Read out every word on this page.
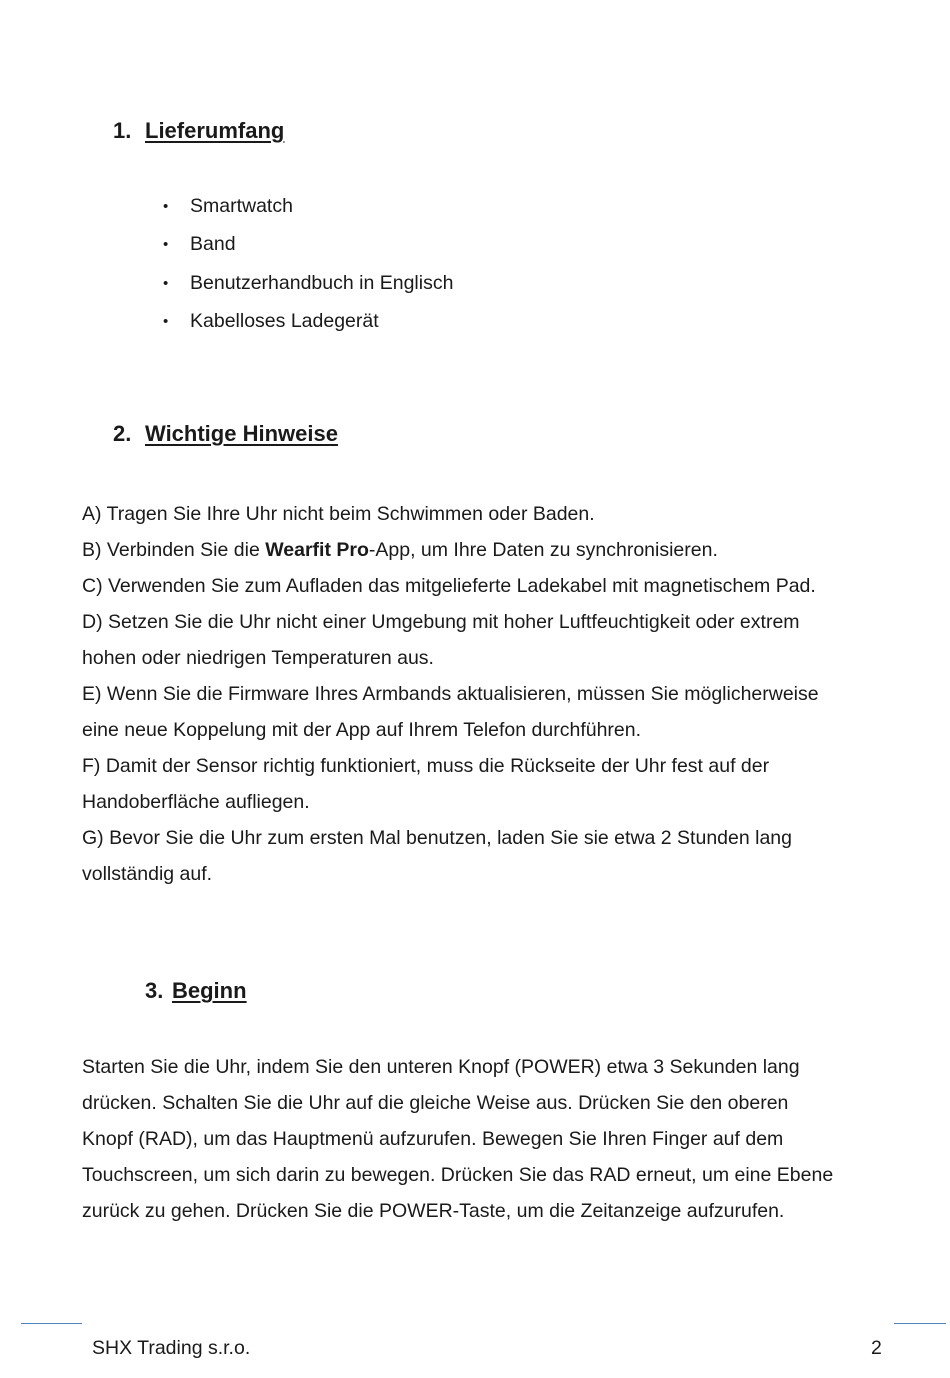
1. Lieferumfang
• Smartwatch
• Band
• Benutzerhandbuch in Englisch
• Kabelloses Ladegerät
2. Wichtige Hinweise
A) Tragen Sie Ihre Uhr nicht beim Schwimmen oder Baden.
B) Verbinden Sie die Wearfit Pro-App, um Ihre Daten zu synchronisieren.
C) Verwenden Sie zum Aufladen das mitgelieferte Ladekabel mit magnetischem Pad.
D) Setzen Sie die Uhr nicht einer Umgebung mit hoher Luftfeuchtigkeit oder extrem
hohen oder niedrigen Temperaturen aus.
E) Wenn Sie die Firmware Ihres Armbands aktualisieren, müssen Sie möglicherweise
eine neue Koppelung mit der App auf Ihrem Telefon durchführen.
F) Damit der Sensor richtig funktioniert, muss die Rückseite der Uhr fest auf der
Handoberfläche aufliegen.
G) Bevor Sie die Uhr zum ersten Mal benutzen, laden Sie sie etwa 2 Stunden lang
vollständig auf.
3. Beginn
Starten Sie die Uhr, indem Sie den unteren Knopf (POWER) etwa 3 Sekunden lang
drücken. Schalten Sie die Uhr auf die gleiche Weise aus. Drücken Sie den oberen
Knopf (RAD), um das Hauptmenü aufzurufen. Bewegen Sie Ihren Finger auf dem
Touchscreen, um sich darin zu bewegen. Drücken Sie das RAD erneut, um eine Ebene
zurück zu gehen. Drücken Sie die POWER-Taste, um die Zeitanzeige aufzurufen.
SHX Trading s.r.o.	2
